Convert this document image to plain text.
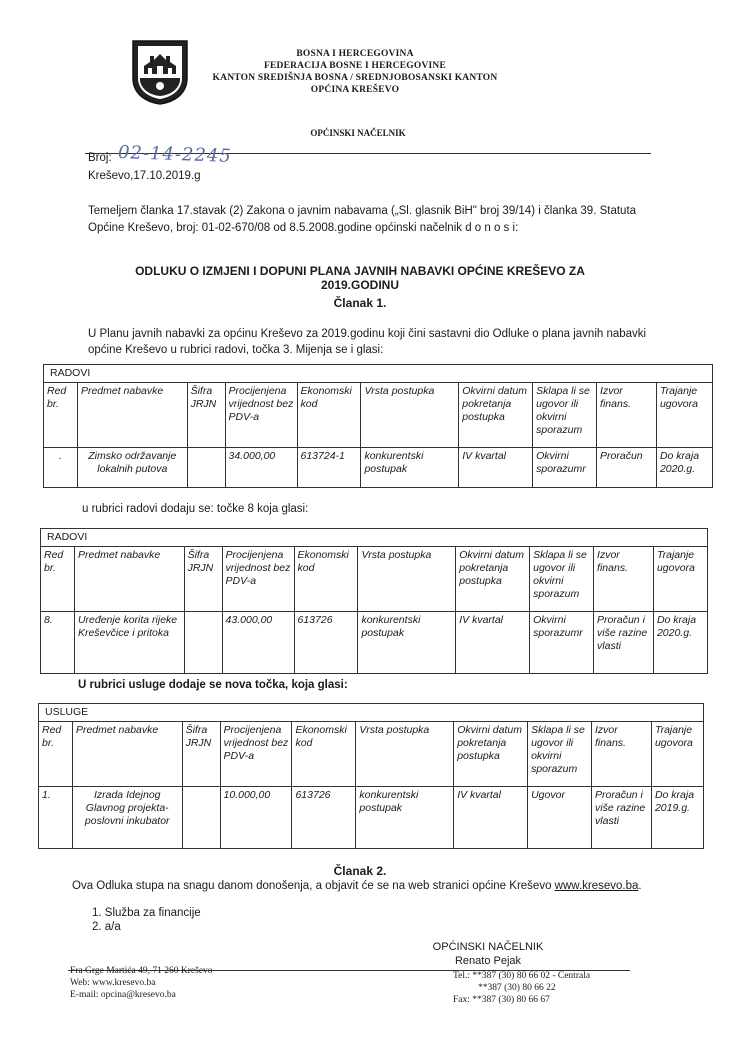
BOSNA I HERCEGOVINA
FEDERACIJA BOSNE I HERCEGOVINE
KANTON SREDIŠNJA BOSNA / SREDNJOBOSANSKI KANTON
OPĆINA KREŠEVO
OPĆINSKI NAČELNIK
Broj: 02-14-2245
Kreševo,17.10.2019.g
Temeljem članka 17.stavak (2) Zakona o javnim nabavama („Sl. glasnik BiH" broj 39/14) i članka 39. Statuta Općine Kreševo, broj: 01-02-670/08 od 8.5.2008.godine općinski načelnik d o n o s i:
ODLUKU O IZMJENI I DOPUNI PLANA JAVNIH NABAVKI OPĆINE KREŠEVO ZA 2019.GODINU
Članak 1.
U Planu javnih nabavki za općinu Kreševo za 2019.godinu koji čini sastavni dio Odluke o plana javnih nabavki općine Kreševo u rubrici radovi, točka 3. Mijenja se i glasi:
RADOVI									
Red br.	Predmet nabavke	Šifra JRJN	Procijenjena vrijednost bez PDV-a	Ekonomski kod	Vrsta postupka	Okvirni datum pokretanja postupka	Sklapa li se ugovor ili okvirni sporazum	Izvor finans.	Trajanje ugovora
.	Zimsko održavanje lokalnih putova		34.000,00	613724-1	konkurentski postupak	IV kvartal	Okvirni sporazumr	Proračun	Do kraja 2020.g.
u rubrici radovi dodaju se: točke 8 koja glasi:
RADOVI									
Red br.	Predmet nabavke	Šifra JRJN	Procijenjena vrijednost bez PDV-a	Ekonomski kod	Vrsta postupka	Okvirni datum pokretanja postupka	Sklapa li se ugovor ili okvirni sporazum	Izvor finans.	Trajanje ugovora
8.	Uređenje korita rijeke Kreševčice i pritoka		43.000,00	613726	konkurentski postupak	IV kvartal	Okvirni sporazumr	Proračun i više razine vlasti	Do kraja 2020.g.
U rubrici usluge dodaje se nova točka, koja glasi:
USLUGE									
Red br.	Predmet nabavke	Šifra JRJN	Procijenjena vrijednost bez PDV-a	Ekonomski kod	Vrsta postupka	Okvirni datum pokretanja postupka	Sklapa li se ugovor ili okvirni sporazum	Izvor finans.	Trajanje ugovora
1.	Izrada Idejnog Glavnog projekta-poslovni inkubator		10.000,00	613726	konkurentski postupak	IV kvartal	Ugovor	Proračun i više razine vlasti	Do kraja 2019.g.
Članak 2.
Ova Odluka stupa na snagu danom donošenja, a objavit će se na web stranici općine Kreševo www.kresevo.ba.
1. Služba za financije
2. a/a
OPĆINSKI NAČELNIK
Renato Pejak
Fra Grge Martića 49, 71 260 Kreševo
Web: www.kresevo.ba
E-mail: opcina@kresevo.ba
Tel.: **387 (30) 80 66 02 - Centrala
**387 (30) 80 66 22
Fax: **387 (30) 80 66 67
